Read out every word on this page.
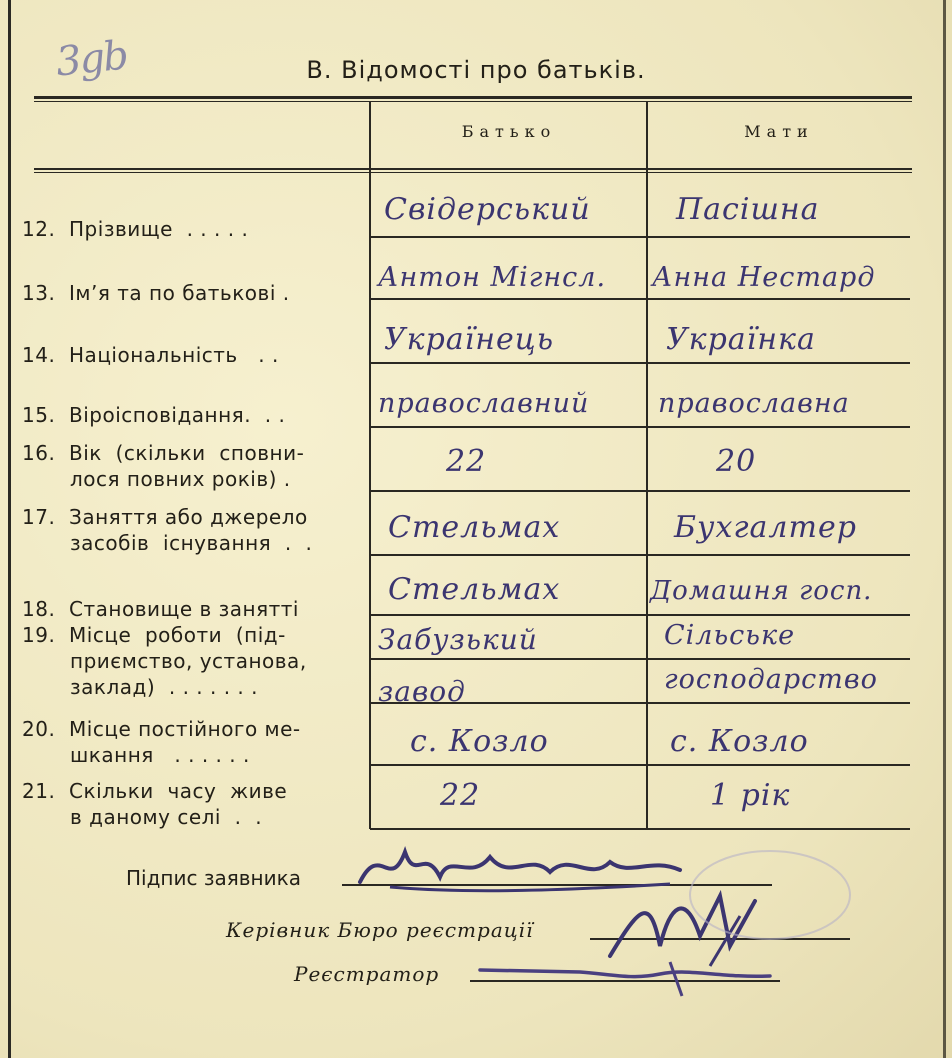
3gb	В. Відомості про батьків.
Батько	Мати
12.  Прізвище  . . . . .
13.  Ім’я та по батькові .
14.  Національність   . .
15.  Віроісповідання.  . .
16.  Вік  (скільки  сповни-
лося повних років) .
17.  Заняття або джерело
засобів  існування  .  .
18.  Становище в занятті
19.  Місце  роботи  (під-
приємство, установа,
заклад)  . . . . . . .
20.  Місце постійного ме-
шкання   . . . . . .
21.  Скільки  часу  живе
в даному селі  .  .
Свідерський
Антон Мігнсл.
Українець
православний
22
Стельмах
Стельмах
Забузький
завод
с. Козло
22
Пасішна
Анна Нестард
Українка
православна
20
Бухгалтер
Домашня госп.
Сільське
господарство
с. Козло
1 рік
Підпис заявника
Керівник Бюро реєстрації
Реєстратор
